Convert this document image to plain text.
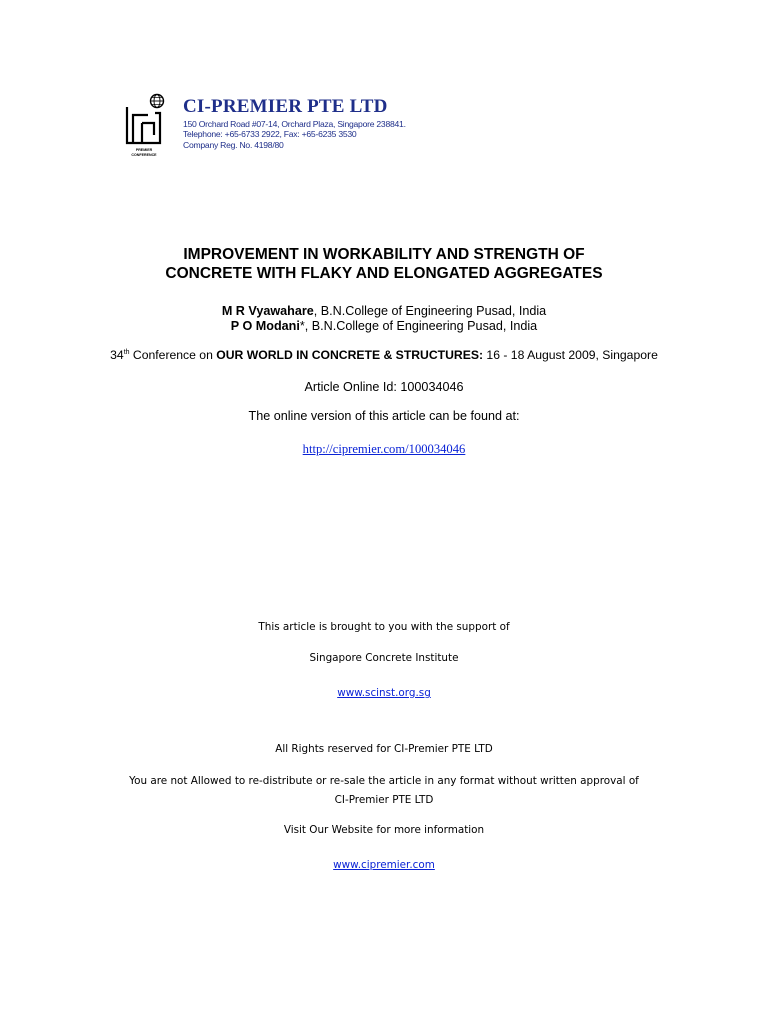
PREMIER
CONFERENCE
CI-PREMIER PTE LTD
150 Orchard Road #07-14, Orchard Plaza, Singapore 238841.
Telephone: +65-6733 2922, Fax: +65-6235 3530
Company Reg. No. 4198/80
IMPROVEMENT IN WORKABILITY AND STRENGTH OF
CONCRETE WITH FLAKY AND ELONGATED AGGREGATES
M R Vyawahare, B.N.College of Engineering Pusad, India
P O Modani*, B.N.College of Engineering Pusad, India
34th Conference on OUR WORLD IN CONCRETE & STRUCTURES: 16 - 18 August 2009, Singapore
Article Online Id: 100034046
The online version of this article can be found at:
http://cipremier.com/100034046
This article is brought to you with the support of
Singapore Concrete Institute
www.scinst.org.sg
All Rights reserved for CI-Premier PTE LTD
You are not Allowed to re-distribute or re-sale the article in any format without written approval of
CI-Premier PTE LTD
Visit Our Website for more information
www.cipremier.com
